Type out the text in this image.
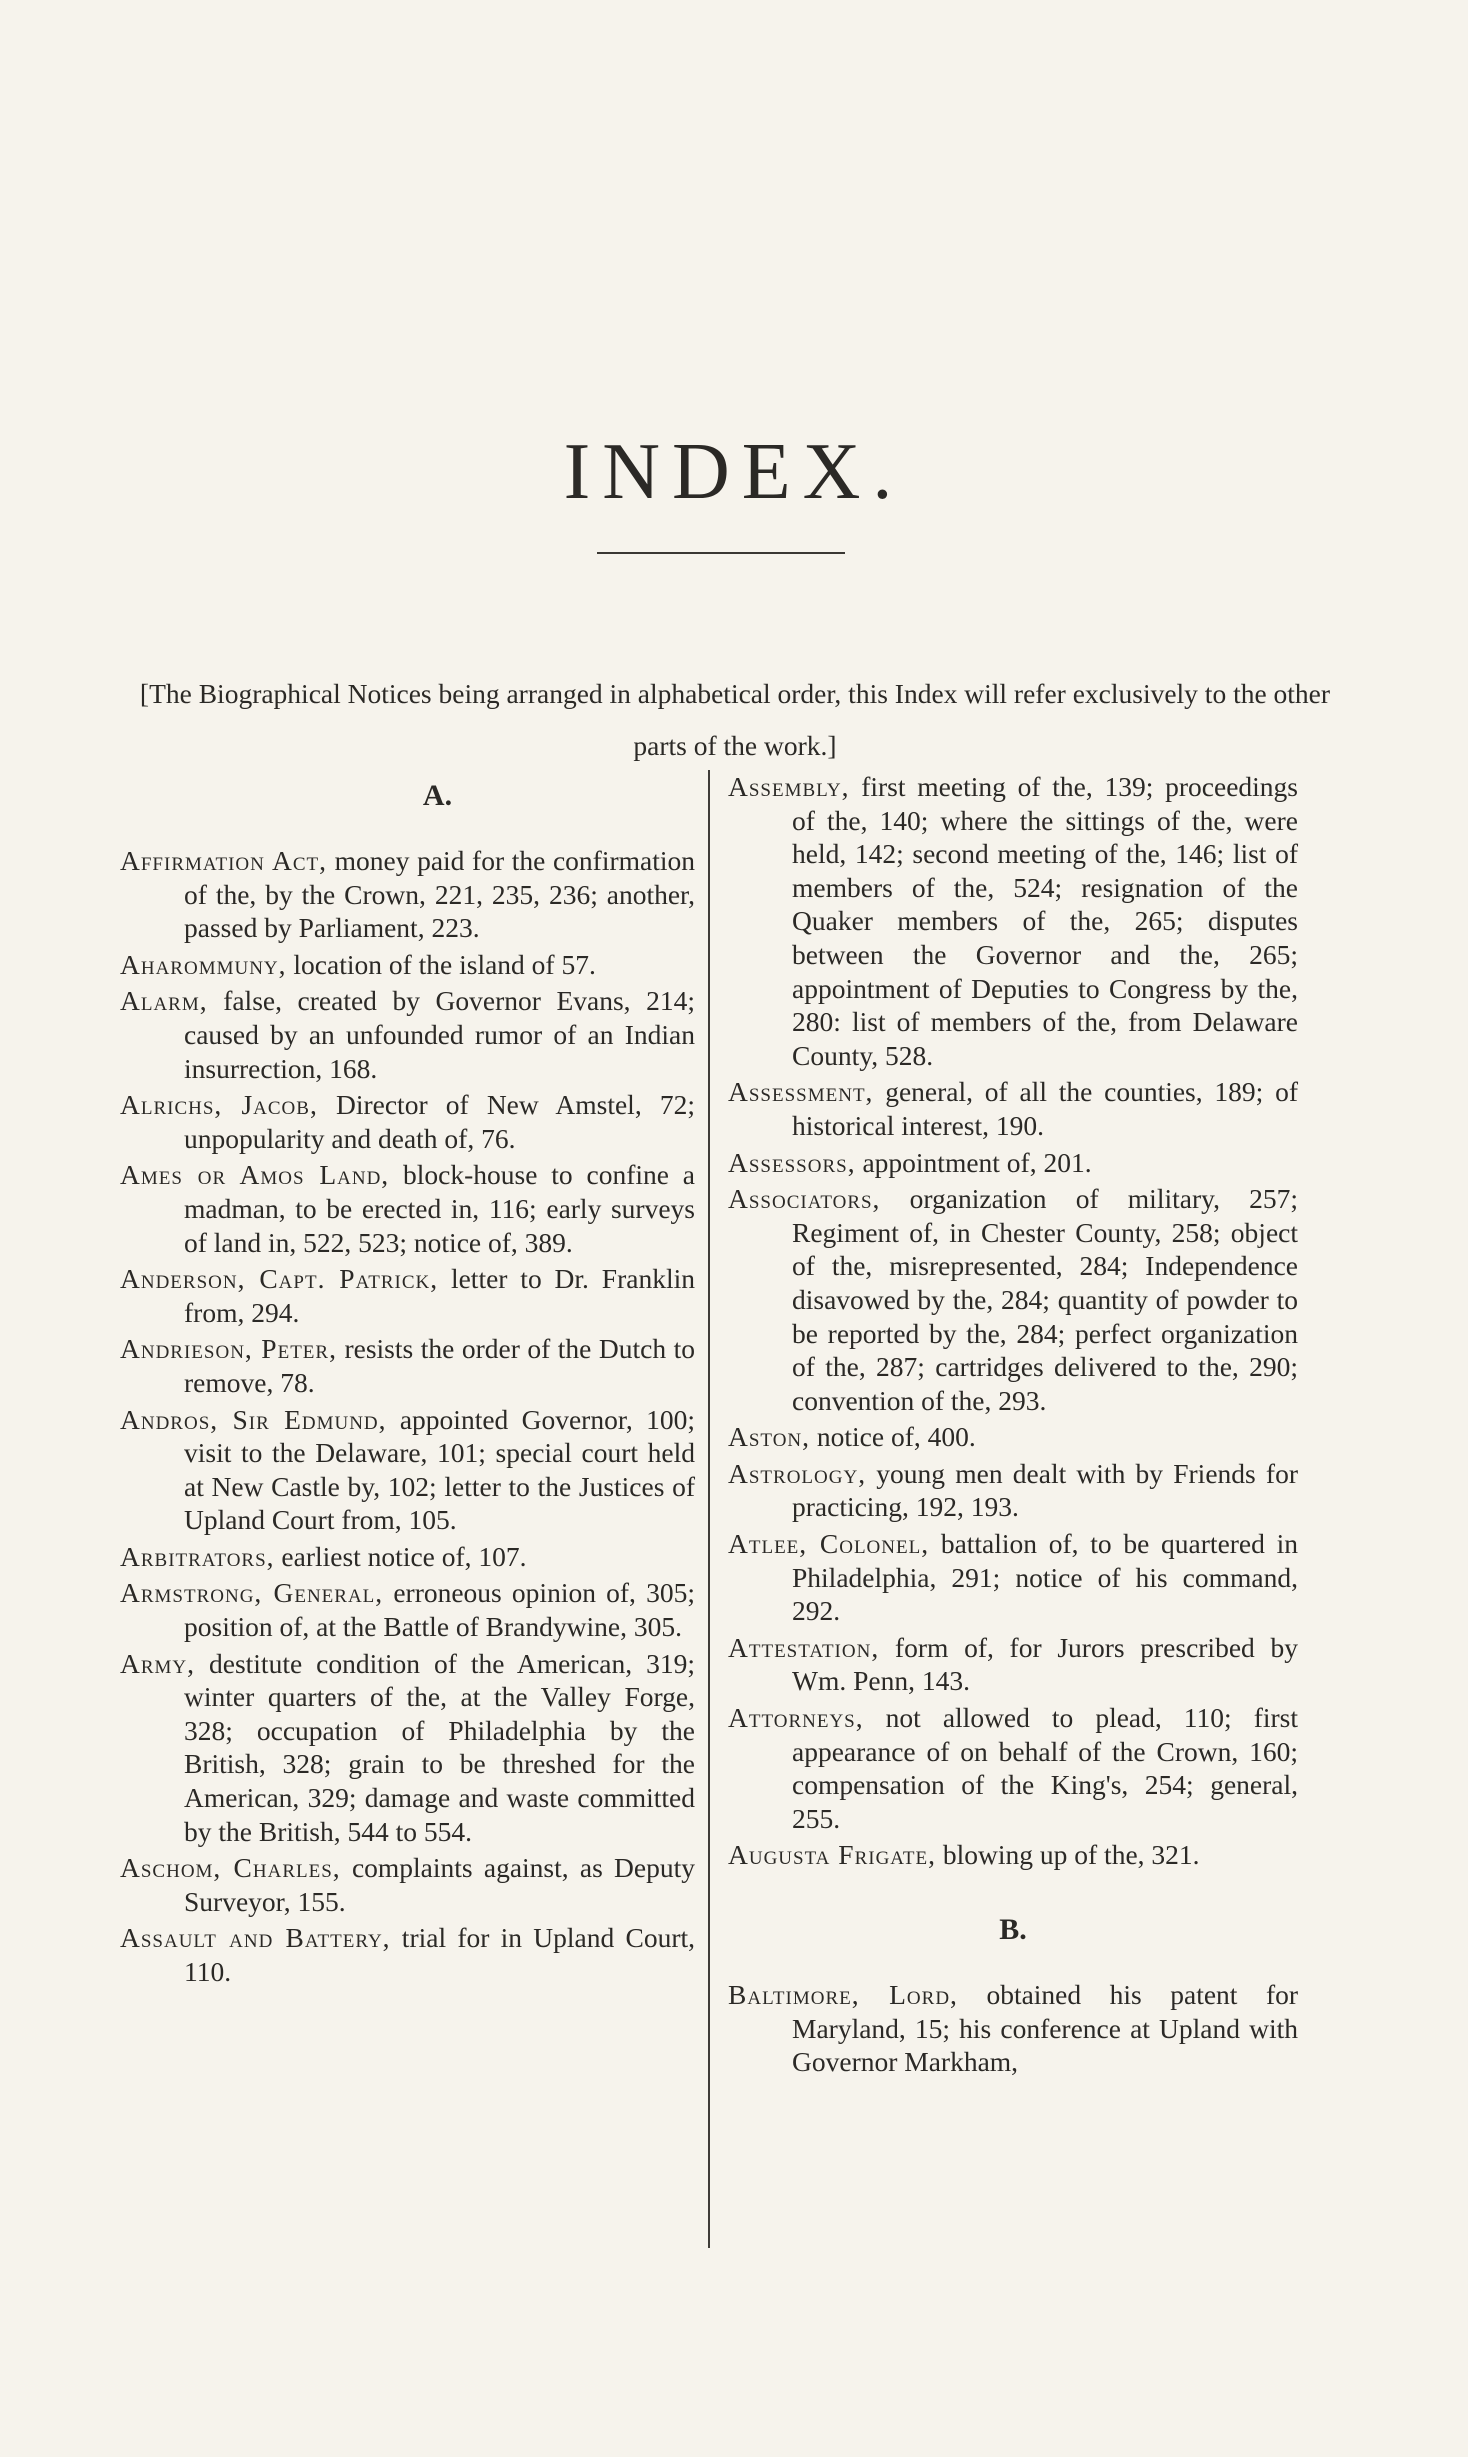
INDEX.

[The Biographical Notices being arranged in alphabetical order, this Index will refer exclusively to the other parts of the work.]

A.

Affirmation Act, money paid for the confirmation of the, by the Crown, 221, 235, 236; another, passed by Parliament, 223.

Aharommuny, location of the island of 57.

Alarm, false, created by Governor Evans, 214; caused by an unfounded rumor of an Indian insurrection, 168.

Alrichs, Jacob, Director of New Amstel, 72; unpopularity and death of, 76.

Ames or Amos Land, block-house to confine a madman, to be erected in, 116; early surveys of land in, 522, 523; notice of, 389.

Anderson, Capt. Patrick, letter to Dr. Franklin from, 294.

Andrieson, Peter, resists the order of the Dutch to remove, 78.

Andros, Sir Edmund, appointed Governor, 100; visit to the Delaware, 101; special court held at New Castle by, 102; letter to the Justices of Upland Court from, 105.

Arbitrators, earliest notice of, 107.

Armstrong, General, erroneous opinion of, 305; position of, at the Battle of Brandywine, 305.

Army, destitute condition of the American, 319; winter quarters of the, at the Valley Forge, 328; occupation of Philadelphia by the British, 328; grain to be threshed for the American, 329; damage and waste committed by the British, 544 to 554.

Aschom, Charles, complaints against, as Deputy Surveyor, 155.

Assault and Battery, trial for in Upland Court, 110.

Assembly, first meeting of the, 139; proceedings of the, 140; where the sittings of the, were held, 142; second meeting of the, 146; list of members of the, 524; resignation of the Quaker members of the, 265; disputes between the Governor and the, 265; appointment of Deputies to Congress by the, 280: list of members of the, from Delaware County, 528.

Assessment, general, of all the counties, 189; of historical interest, 190.

Assessors, appointment of, 201.

Associators, organization of military, 257; Regiment of, in Chester County, 258; object of the, misrepresented, 284; Independence disavowed by the, 284; quantity of powder to be reported by the, 284; perfect organization of the, 287; cartridges delivered to the, 290; convention of the, 293.

Aston, notice of, 400.

Astrology, young men dealt with by Friends for practicing, 192, 193.

Atlee, Colonel, battalion of, to be quartered in Philadelphia, 291; notice of his command, 292.

Attestation, form of, for Jurors prescribed by Wm. Penn, 143.

Attorneys, not allowed to plead, 110; first appearance of on behalf of the Crown, 160; compensation of the King's, 254; general, 255.

Augusta Frigate, blowing up of the, 321.

B.

Baltimore, Lord, obtained his patent for Maryland, 15; his conference at Upland with Governor Markham,
